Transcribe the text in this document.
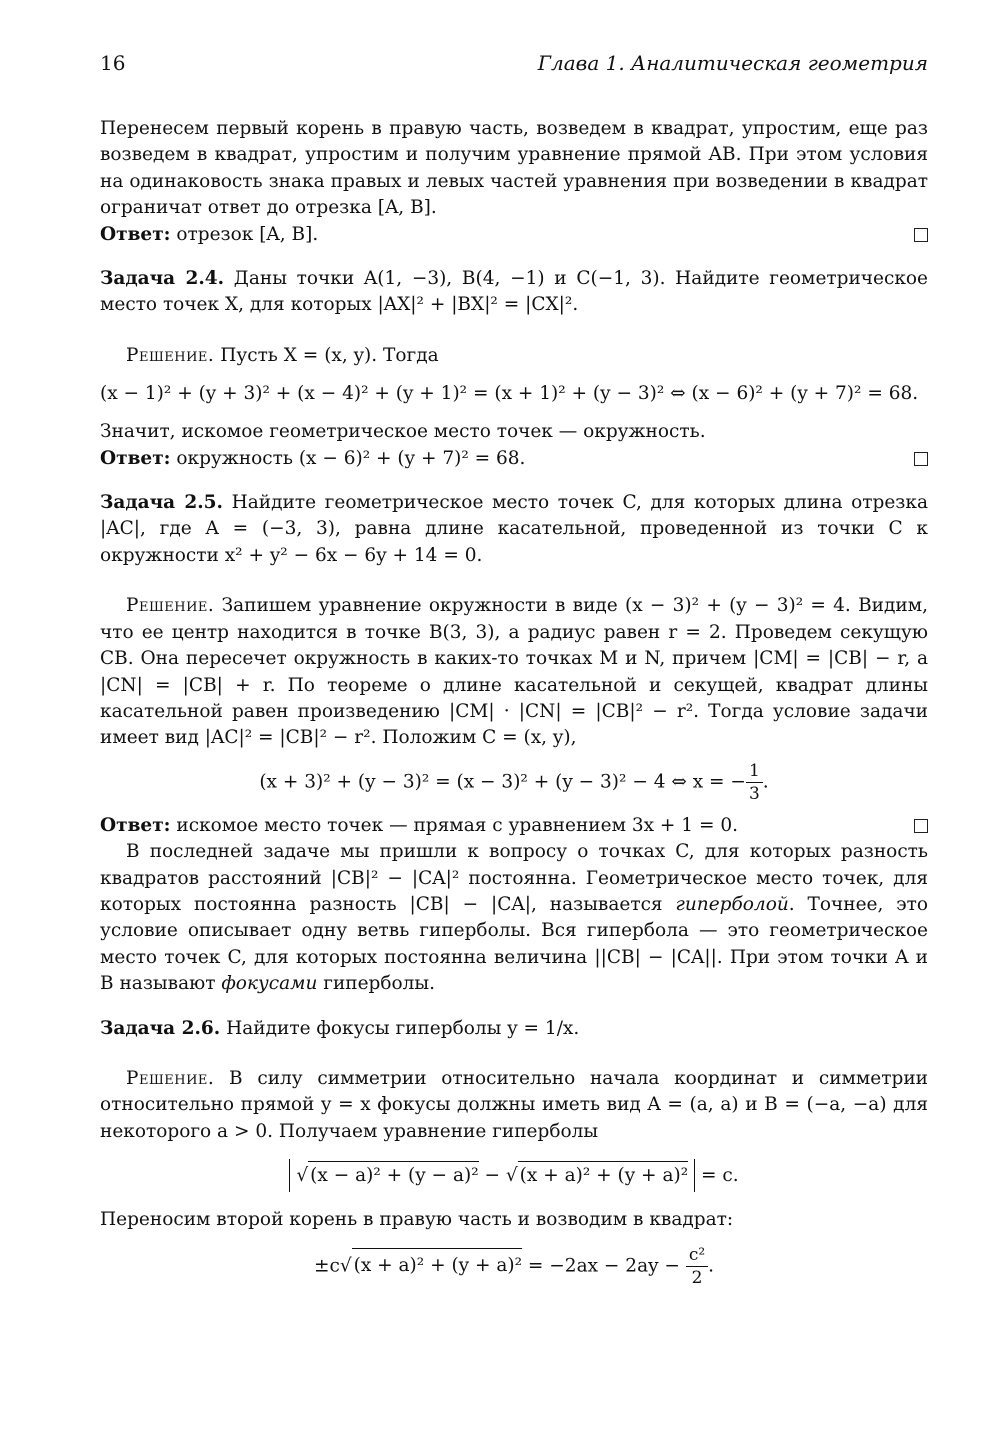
16	Глава 1. Аналитическая геометрия

Перенесем первый корень в правую часть, возведем в квадрат, упростим, еще раз возведем в квадрат, упростим и получим уравнение прямой AB. При этом условия на одинаковость знака правых и левых частей уравнения при возведении в квадрат ограничат ответ до отрезка [A, B].

Ответ: отрезок [A, B].

Задача 2.4. Даны точки A(1, −3), B(4, −1) и C(−1, 3). Найдите геометрическое место точек X, для которых |AX|² + |BX|² = |CX|².

Решение. Пусть X = (x, y). Тогда

(x − 1)² + (y + 3)² + (x − 4)² + (y + 1)² = (x + 1)² + (y − 3)² ⇔ (x − 6)² + (y + 7)² = 68.

Значит, искомое геометрическое место точек — окружность.

Ответ: окружность (x − 6)² + (y + 7)² = 68.

Задача 2.5. Найдите геометрическое место точек C, для которых длина отрезка |AC|, где A = (−3, 3), равна длине касательной, проведенной из точки C к окружности x² + y² − 6x − 6y + 14 = 0.

Решение. Запишем уравнение окружности в виде (x − 3)² + (y − 3)² = 4. Видим, что ее центр находится в точке B(3, 3), а радиус равен r = 2. Проведем секущую CB. Она пересечет окружность в каких-то точках M и N, причем |CM| = |CB| − r, а |CN| = |CB| + r. По теореме о длине касательной и секущей, квадрат длины касательной равен произведению |CM| · |CN| = |CB|² − r². Тогда условие задачи имеет вид |AC|² = |CB|² − r². Положим C = (x, y),

(x + 3)² + (y − 3)² = (x − 3)² + (y − 3)² − 4 ⇔ x = − $\frac{1}{3}$ .

Ответ: искомое место точек — прямая с уравнением 3x + 1 = 0.

В последней задаче мы пришли к вопросу о точках C, для которых разность квадратов расстояний |CB|² − |CA|² постоянна. Геометрическое место точек, для которых постоянна разность |CB| − |CA|, называется гиперболой. Точнее, это условие описывает одну ветвь гиперболы. Вся гипербола — это геометрическое место точек C, для которых постоянна величина ||CB| − |CA||. При этом точки A и B называют фокусами гиперболы.

Задача 2.6. Найдите фокусы гиперболы y = 1/x.

Решение. В силу симметрии относительно начала координат и симметрии относительно прямой y = x фокусы должны иметь вид A = (a, a) и B = (−a, −a) для некоторого a > 0. Получаем уравнение гиперболы

√ (x − a)² + (y − a)² − √ (x + a)² + (y + a)² = c.

Переносим второй корень в правую часть и возводим в квадрат:

±c√ $(x + a)^2 + (y + a)^2 = -2ax - 2ay - \frac{\text{c²}}{2}$ .
